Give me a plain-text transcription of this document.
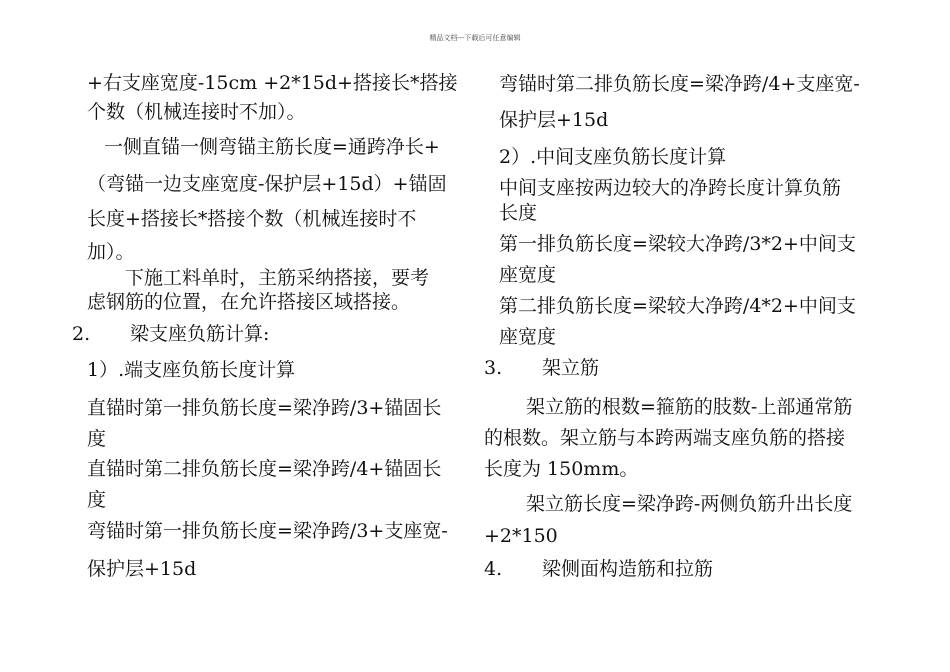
精品文档---下载后可任意编辑
+右支座宽度-15cm +2*15d+搭接长*搭接
个数（机械连接时不加）。
一侧直锚一侧弯锚主筋长度=通跨净长+
（弯锚一边支座宽度-保护层+15d）+锚固
长度+搭接长*搭接个数（机械连接时不
加）。
下施工料单时，主筋采纳搭接，要考
虑钢筋的位置，在允许搭接区域搭接。
2. 梁支座负筋计算:
1）.端支座负筋长度计算
直锚时第一排负筋长度=梁净跨/3+锚固长
度
直锚时第二排负筋长度=梁净跨/4+锚固长
度
弯锚时第一排负筋长度=梁净跨/3+支座宽-
保护层+15d
弯锚时第二排负筋长度=梁净跨/4+支座宽-
保护层+15d
2）.中间支座负筋长度计算
中间支座按两边较大的净跨长度计算负筋
长度
第一排负筋长度=梁较大净跨/3*2+中间支
座宽度
第二排负筋长度=梁较大净跨/4*2+中间支
座宽度
3. 架立筋
架立筋的根数=箍筋的肢数-上部通常筋
的根数。架立筋与本跨两端支座负筋的搭接
长度为 150mm。
架立筋长度=梁净跨-两侧负筋升出长度
+2*150
4. 梁侧面构造筋和拉筋
